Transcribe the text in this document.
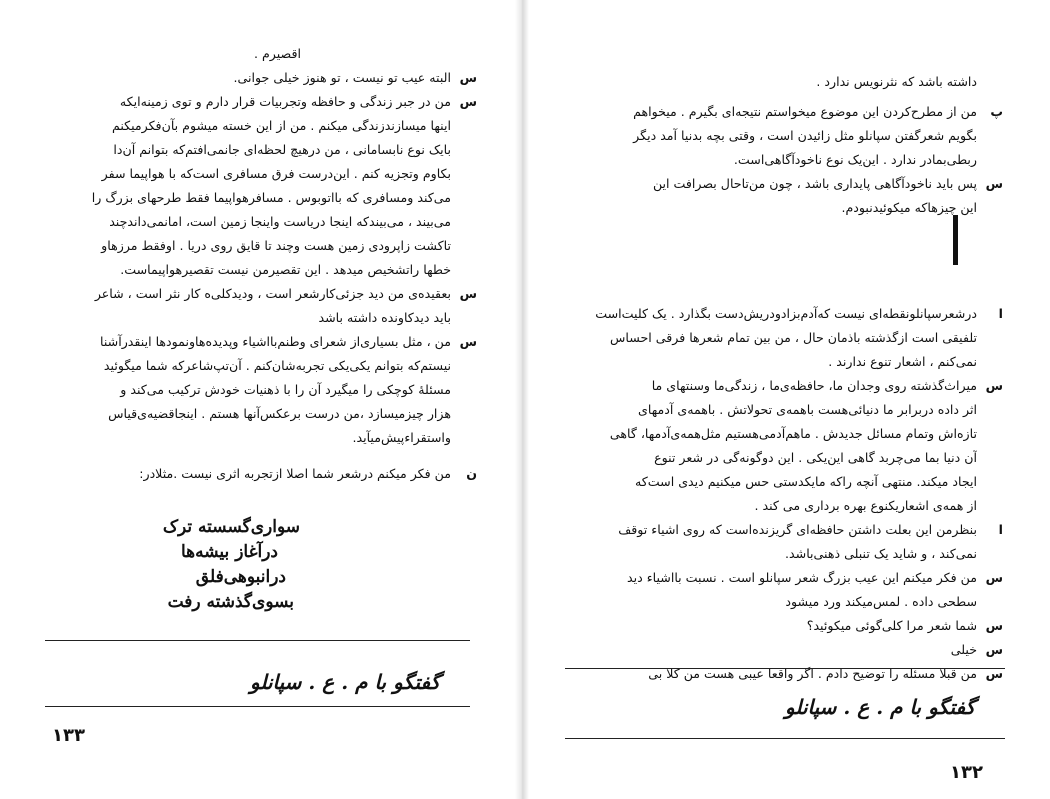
اقصیرم .
س
البته عیب تو نیست ، تو هنوز خیلی جوانی.
س
من در جبر زندگی و حافظه وتجربیات قرار دارم و توی زمینه‌ایکه
اینها میسازندزندگی میکنم . من از این خسته میشوم بآن‌فکرمیکنم
بایک نوع نابسامانی ، من درهیچ لحظه‌ای جانمی‌افتم‌که بتوانم آن‌دا
بکاوم وتجزیه کنم . این‌درست فرق مسافری است‌که با هواپیما سفر
می‌کند ومسافری که بااتوبوس . مسافرهواپیما فقط طرحهای بزرگ را
می‌بیند ، می‌بیندکه اینجا دریاست واینجا زمین است، امانمی‌داندچند
تاکشت زاپرودی زمین هست وچند تا قایق روی دریا . اوفقط مرزهاو
خطها راتشخیص میدهد . این تقصیرمن نیست تقصیرهواپیماست.
س
بعقیده‌ی من دید جزئی‌کارشعر است ، ودیدکلی‌ه کار نثر است ، شاعر
باید دیدکاوندە داشته باشد
س
من ، مثل بسیاری‌از شعرای وطنم‌بااشیاء وپدیده‌هاونمودها اینقدرآشنا
نیستم‌که بتوانم یکی‌یکی تجربه‌شان‌کنم . آن‌تپ‌شاعرکه شما میگوئید
مسئلهٔ کوچکی را میگیرد آن را با ذهنیات خودش ترکیب می‌کند و
هزار چیزمیسازد ،من درست برعکس‌آنها هستم . اینجاقضیه‌ی‌قیاس
واستقراء‌پیش‌میآید.
ن
من فکر میکنم درشعر شما اصلا ازتجربه اثری نیست .مثلادر:
سواری‌گسسته ترک
درآغاز بیشه‌ها
درانبوهی‌فلق
بسوی‌گذشته رفت
گفتگو با م . ع . سپانلو
۱۳۳
داشته باشد که نثرنویس ندارد .
پ
من از مطرح‌کردن این موضوع میخواستم نتیجه‌ای بگیرم . میخواهم
بگویم شعرگفتن سپانلو مثل زائیدن است ، وقتی بچه بدنیا آمد دیگر
ربطی‌بمادر ندارد . این‌یک نوع ناخودآگاهی‌است.
س
پس باید ناخودآگاهی پایداری باشد ، چون من‌تاحال بصرافت این
این چیزهاکه میکوئیدنبودم.
ا
درشعرسپانلونقطه‌ای نیست که‌آدم‌بزاد‌ودریش‌دست بگذارد . یک کلیت‌است
تلفیقی است ازگذشته باذمان حال ، من بین تمام شعرها فرقی احساس
نمی‌کنم ، اشعار تنوع ندارند .
س
میراث‌گذشته روی وجدان ما، حافظه‌ی‌ما ، زندگی‌ما وسنتهای ما
اثر داده دربرابر ما دنیائی‌هست باهمه‌ی تحولاتش . باهمه‌ی آدمهای
تازه‌اش وتمام مسائل جدیدش . ماهم‌آدمی‌هستیم مثل‌همه‌ی‌آدمها، گاهی
آن دنیا بما می‌چربد گاهی این‌یکی . این دوگونه‌گی در شعر تنوع
ایجاد میکند. منتهی آنچه راکه مایکدستی حس میکنیم دیدی است‌که
از همه‌ی اشعاریکنوع بهره برداری می کند .
ا
بنظرمن این بعلت داشتن حافظه‌ای گریزنده‌است که روی اشیاء توقف
نمی‌کند ، و شاید یک تنبلی ذهنی‌باشد.
س
من فکر میکنم این عیب بزرگ شعر سپانلو است . نسبت بااشیاء دید
سطحی داده . لمس‌میکند ورد میشود
س
شما شعر مرا کلی‌گوئی میکوئید؟
س
خیلی
س
من قبلا مسئله را توضیح دادم . اگر واقعا عیبی هست من کلا بی
گفتگو با م . ع . سپانلو
۱۳۲
